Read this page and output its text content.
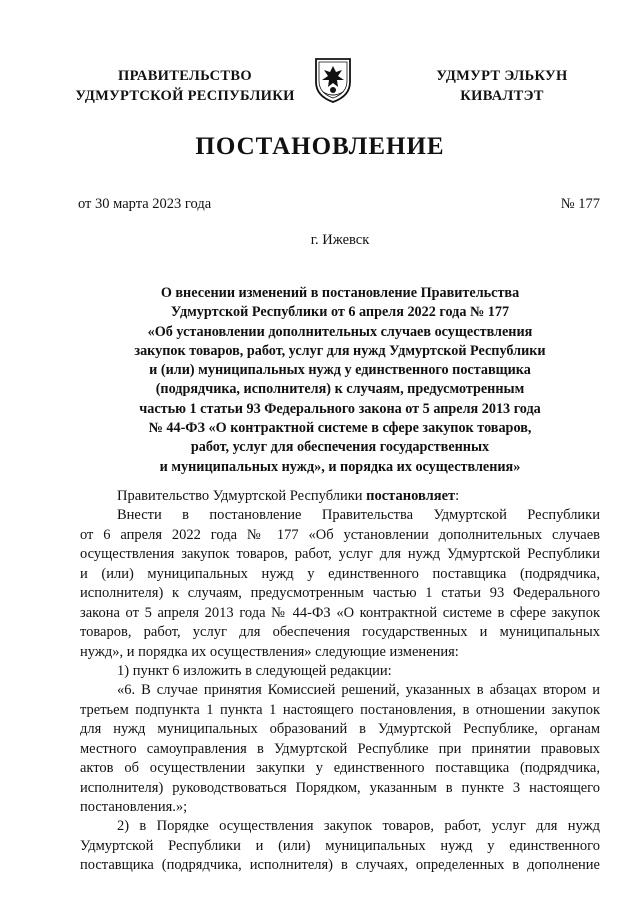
ПРАВИТЕЛЬСТВО
УДМУРТСКОЙ РЕСПУБЛИКИ
УДМУРТ ЭЛЬКУН
КИВАЛТЭТ
ПОСТАНОВЛЕНИЕ
от 30 марта 2023 года	№ 177
г. Ижевск
О внесении изменений в постановление Правительства
Удмуртской Республики от 6 апреля 2022 года № 177
«Об установлении дополнительных случаев осуществления
закупок товаров, работ, услуг для нужд Удмуртской Республики
и (или) муниципальных нужд у единственного поставщика
(подрядчика, исполнителя) к случаям, предусмотренным
частью 1 статьи 93 Федерального закона от 5 апреля 2013 года
№ 44-ФЗ «О контрактной системе в сфере закупок товаров,
работ, услуг для обеспечения государственных
и муниципальных нужд», и порядка их осуществления»
Правительство Удмуртской Республики постановляет:
Внести в постановление Правительства Удмуртской Республики
от 6 апреля 2022 года № 177 «Об установлении дополнительных случаев
осуществления закупок товаров, работ, услуг для нужд Удмуртской Республики
и (или) муниципальных нужд у единственного поставщика (подрядчика,
исполнителя) к случаям, предусмотренным частью 1 статьи 93 Федерального
закона от 5 апреля 2013 года № 44-ФЗ «О контрактной системе в сфере закупок
товаров, работ, услуг для обеспечения государственных и муниципальных
нужд», и порядка их осуществления» следующие изменения:
1) пункт 6 изложить в следующей редакции:
«6. В случае принятия Комиссией решений, указанных в абзацах втором и
третьем подпункта 1 пункта 1 настоящего постановления, в отношении закупок
для нужд муниципальных образований в Удмуртской Республике, органам
местного самоуправления в Удмуртской Республике при принятии правовых
актов об осуществлении закупки у единственного поставщика (подрядчика,
исполнителя) руководствоваться Порядком, указанным в пункте 3 настоящего
постановления.»;
2) в Порядке осуществления закупок товаров, работ, услуг для нужд
Удмуртской Республики и (или) муниципальных нужд у единственного
поставщика (подрядчика, исполнителя) в случаях, определенных в дополнение
